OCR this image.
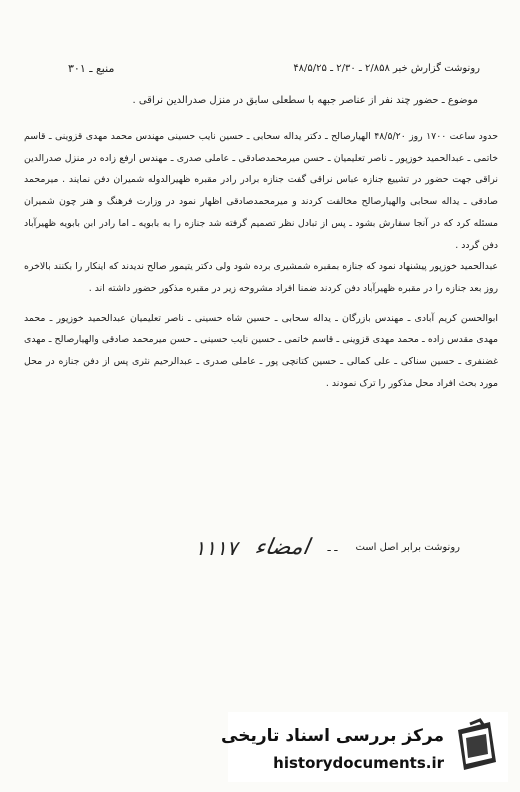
رونوشت گزارش خبر ۲/۸۵۸ ـ ۲/۳۰ ـ ۴۸/۵/۲۵
منبع ـ ۳۰۱
موضوع ـ حضور چند نفر از عناصر جبهه با سطعلی سابق در منزل صدرالدین نراقی .

حدود ساعت ۱۷۰۰ روز ۴۸/۵/۲۰ الهیارصالح ـ دکتر یداله سحابی ـ حسین نایب حسینی مهندس محمد مهدی قزوینی ـ قاسم خاتمی ـ عبدالحمید خوزپور ـ ناصر تعلیمیان ـ حسن میرمحمدصادقی ـ عاملی صدری ـ مهندس ارفع زاده در منزل صدرالدین نراقی جهت حضور در تشییع جنازه عباس نراقی گفت جنازه برادر رادر مقبره ظهیرالدوله شمیران دفن نمایند . میرمحمد صادقی ـ یداله سحابی والهیارصالح مخالفت کردند و میرمحمدصادقی اظهار نمود در وزارت فرهنگ و هنر چون شمیران مسئله کرد که در آنجا سفارش بشود ـ پس از تبادل نظر تصمیم گرفته شد جنازه را به بابویه ـ اما رادر ابن بابویه ظهیرآباد دفن گردد .

عبدالحمید خوزپور پیشنهاد نمود که جنازه بمقبره شمشیری برده شود ولی دکتر یتیمور صالح ندیدند که اینکار را بکنند بالاخره روز بعد جنازه را در مقبره ظهیرآباد دفن کردند ضمنا افراد مشروحه زیر در مقبره مذکور حضور داشته اند .

ابوالحسن کریم آبادی ـ مهندس بازرگان ـ یداله سحابی ـ حسین شاه حسینی ـ ناصر تعلیمیان عبدالحمید خوزپور ـ محمد مهدی مقدس زاده ـ محمد مهدی قزوینی ـ قاسم خاتمی ـ حسین نایب حسینی ـ حسن میرمحمد صادقی والهیارصالح ـ مهدی غضنفری ـ حسین سناکی ـ علی کمالی ـ حسین کتانچی پور ـ عاملی صدری ـ عبدالرحیم نثری پس از دفن جنازه در محل مورد بحث افراد محل مذکور را ترک نمودند .

رونوشت برابر اصل است
ـ ـ
امضاء
۱۱۱۷
مرکز بررسی اسناد تاریخی
historydocuments.ir
